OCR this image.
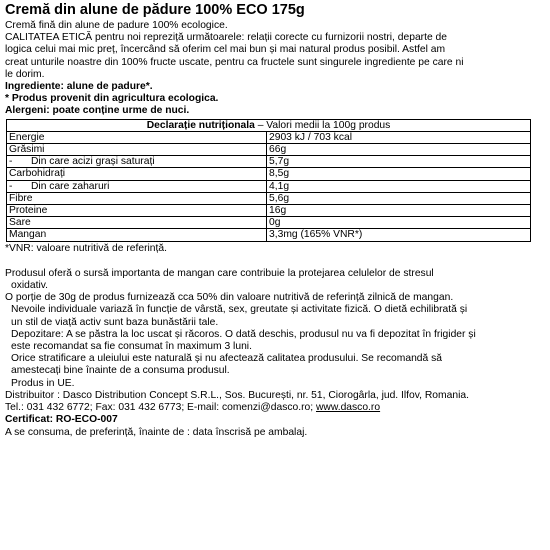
Cremă din alune de pădure 100% ECO 175g

Cremă fină din alune de padure 100% ecologice.

CALITATEA ETICĂ pentru noi repreziță următoarele: relații corecte cu furnizorii nostri, departe de

logica celui mai mic preț, încercând să oferim cel mai bun și mai natural produs posibil. Astfel am

creat unturile noastre din 100% fructe uscate, pentru ca fructele sunt singurele ingrediente pe care ni

le dorim.

Ingrediente: alune de padure*.

* Produs provenit din agricultura ecologica.

Alergeni: poate conține urme de nuci.

Declarație nutriționala – Valori medii la 100g produs	
Energie	2903 kJ / 703 kcal
Grăsimi	66g
- Din care acizi grași saturați	5,7g
Carbohidrați	8,5g
- Din care zaharuri	4,1g
Fibre	5,6g
Proteine	16g
Sare	0g
Mangan	3,3mg (165% VNR*)

*VNR: valoare nutritivă de referință.

Produsul oferă o sursă importanta de mangan care contribuie la protejarea celulelor de stresul

oxidativ.

O porție de 30g de produs furnizează cca 50% din valoare nutritivă de referință zilnică de mangan.

Nevoile individuale variază în funcție de vârstă, sex, greutate și activitate fizică. O dietă echilibrată și

un stil de viață activ sunt baza bunăstării tale.

Depozitare: A se păstra la loc uscat și răcoros. O dată deschis, produsul nu va fi depozitat în frigider și

este recomandat sa fie consumat în maximum 3 luni.

Orice stratificare a uleiului este naturală și nu afectează calitatea produsului. Se recomandă să

amestecați bine înainte de a consuma produsul.

Produs in UE.

Distribuitor : Dasco Distribution Concept S.R.L., Sos. București, nr. 51, Ciorogârla, jud. Ilfov, Romania.

Tel.: 031 432 6772; Fax: 031 432 6773; E-mail: comenzi@dasco.ro; www.dasco.ro

Certificat: RO-ECO-007

A se consuma, de preferință, înainte de : data înscrisă pe ambalaj.
